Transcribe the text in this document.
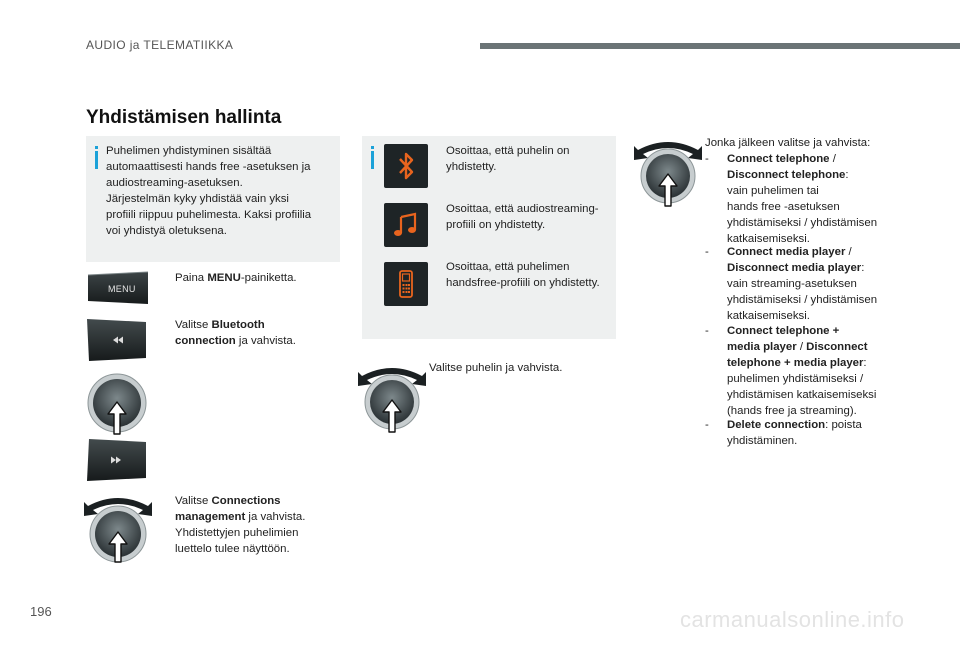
AUDIO ja TELEMATIIKKA
Yhdistämisen hallinta
Puhelimen yhdistyminen sisältää
automaattisesti hands free -asetuksen ja
audiostreaming-asetuksen.
Järjestelmän kyky yhdistää vain yksi
profiili riippuu puhelimesta. Kaksi profiilia
voi yhdistyä oletuksena.
MENU
Paina MENU-painiketta.
Valitse Bluetooth
connection ja vahvista.
Valitse Connections
management ja vahvista.
Yhdistettyjen puhelimien
luettelo tulee näyttöön.
Osoittaa, että puhelin on
yhdistetty.
Osoittaa, että audiostreaming-
profiili on yhdistetty.
Osoittaa, että puhelimen
handsfree-profiili on yhdistetty.
Valitse puhelin ja vahvista.
Jonka jälkeen valitse ja vahvista:
- Connect telephone /
Disconnect telephone:
vain puhelimen tai
hands free -asetuksen
yhdistämiseksi / yhdistämisen
katkaisemiseksi.
- Connect media player /
Disconnect media player:
vain streaming-asetuksen
yhdistämiseksi / yhdistämisen
katkaisemiseksi.
- Connect telephone +
media player / Disconnect
telephone + media player:
puhelimen yhdistämiseksi /
yhdistämisen katkaisemiseksi
(hands free ja streaming).
- Delete connection: poista
yhdistäminen.
196	carmanualsonline.info
